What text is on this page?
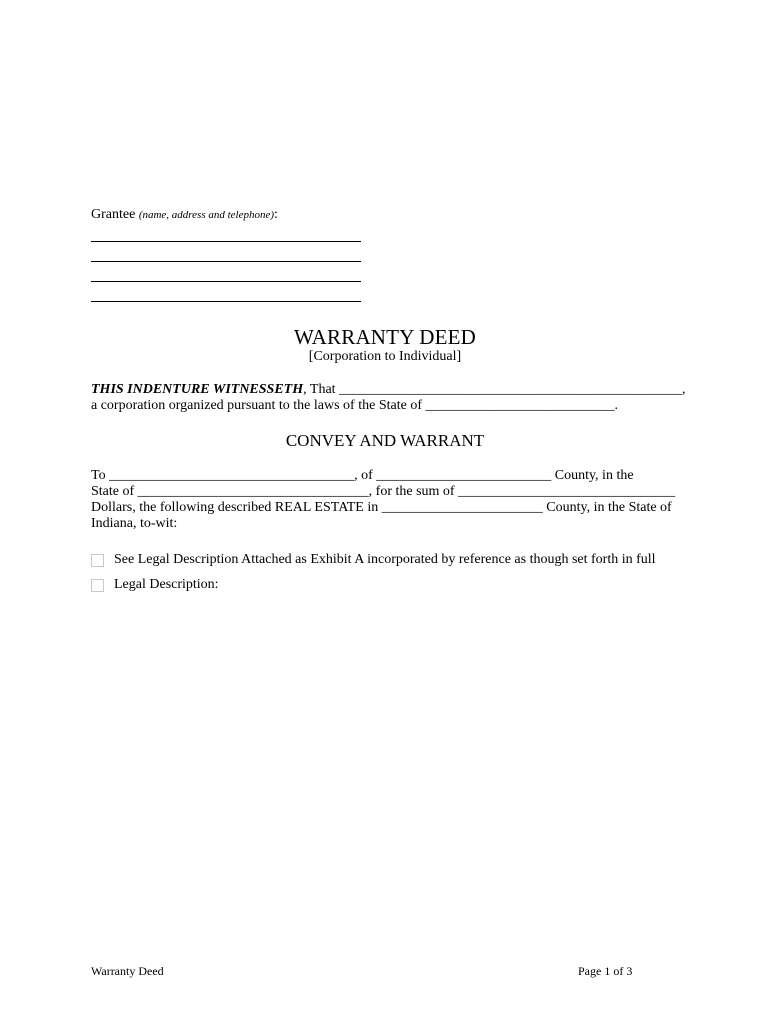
Grantee (name, address and telephone):
WARRANTY DEED
[Corporation to Individual]
THIS INDENTURE WITNESSETH, That _________________________________________________,
a corporation organized pursuant to the laws of the State of ___________________________.
CONVEY AND WARRANT
To ___________________________________, of _________________________ County, in the
State of _________________________________, for the sum of _______________________________
Dollars, the following described REAL ESTATE in _______________________ County, in the State of
Indiana, to-wit:
See Legal Description Attached as Exhibit A incorporated by reference as though set forth in full
Legal Description:
Warranty Deed	Page 1 of 3
